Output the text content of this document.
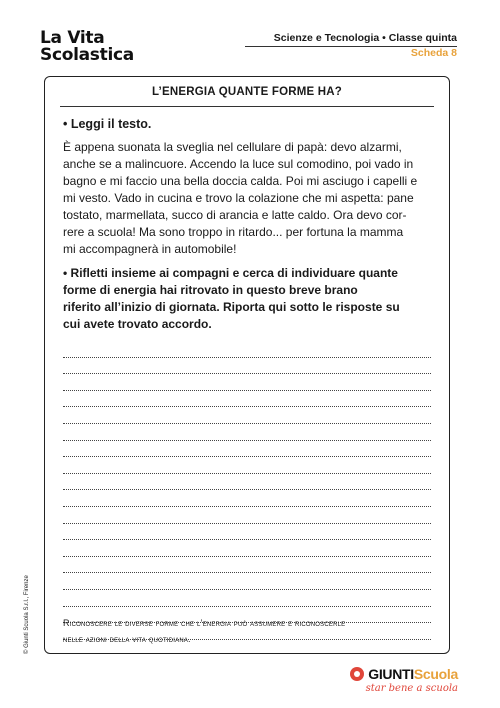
La Vita
Scolastica
Scienze e Tecnologia • Classe quinta
Scheda 8
L’ENERGIA QUANTE FORME HA?
• Leggi il testo.

È appena suonata la sveglia nel cellulare di papà: devo alzarmi,
anche se a malincuore. Accendo la luce sul comodino, poi vado in
bagno e mi faccio una bella doccia calda. Poi mi asciugo i capelli e
mi vesto. Vado in cucina e trovo la colazione che mi aspetta: pane
tostato, marmellata, succo di arancia e latte caldo. Ora devo cor-
rere a scuola! Ma sono troppo in ritardo... per fortuna la mamma
mi accompagnerà in automobile!

• Rifletti insieme ai compagni e cerca di individuare quante
forme di energia hai ritrovato in questo breve brano
riferito all’inizio di giornata. Riporta qui sotto le risposte su
cui avete trovato accordo.

Riconoscere le diverse forme che l’energia può assumere e riconoscerle
nelle azioni della vita quotidiana.
© Giunti Scuola S.r.l., Firenze
GIUNTIScuola
star bene a scuola
